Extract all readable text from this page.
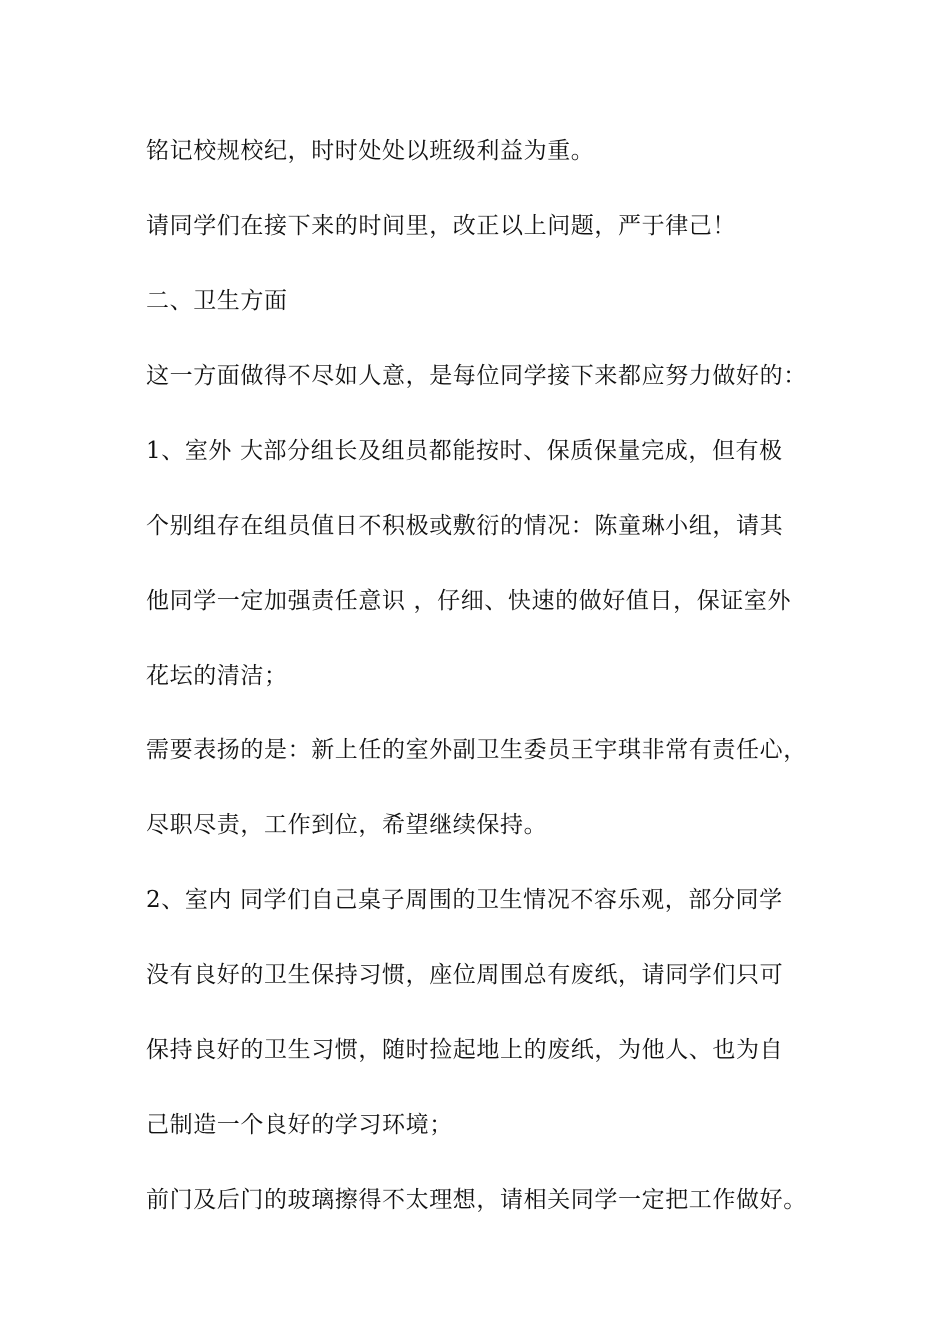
铭记校规校纪，时时处处以班级利益为重。
请同学们在接下来的时间里，改正以上问题，严于律己！
二、卫生方面
这一方面做得不尽如人意，是每位同学接下来都应努力做好的：
1、室外 大部分组长及组员都能按时、保质保量完成，但有极
个别组存在组员值日不积极或敷衍的情况：陈童琳小组，请其
他同学一定加强责任意识 ，仔细、快速的做好值日，保证室外
花坛的清洁；
需要表扬的是：新上任的室外副卫生委员王宇琪非常有责任心，
尽职尽责，工作到位，希望继续保持。
2、室内 同学们自己桌子周围的卫生情况不容乐观，部分同学
没有良好的卫生保持习惯，座位周围总有废纸，请同学们只可
保持良好的卫生习惯，随时捡起地上的废纸，为他人、也为自
己制造一个良好的学习环境；
前门及后门的玻璃擦得不太理想，请相关同学一定把工作做好。
